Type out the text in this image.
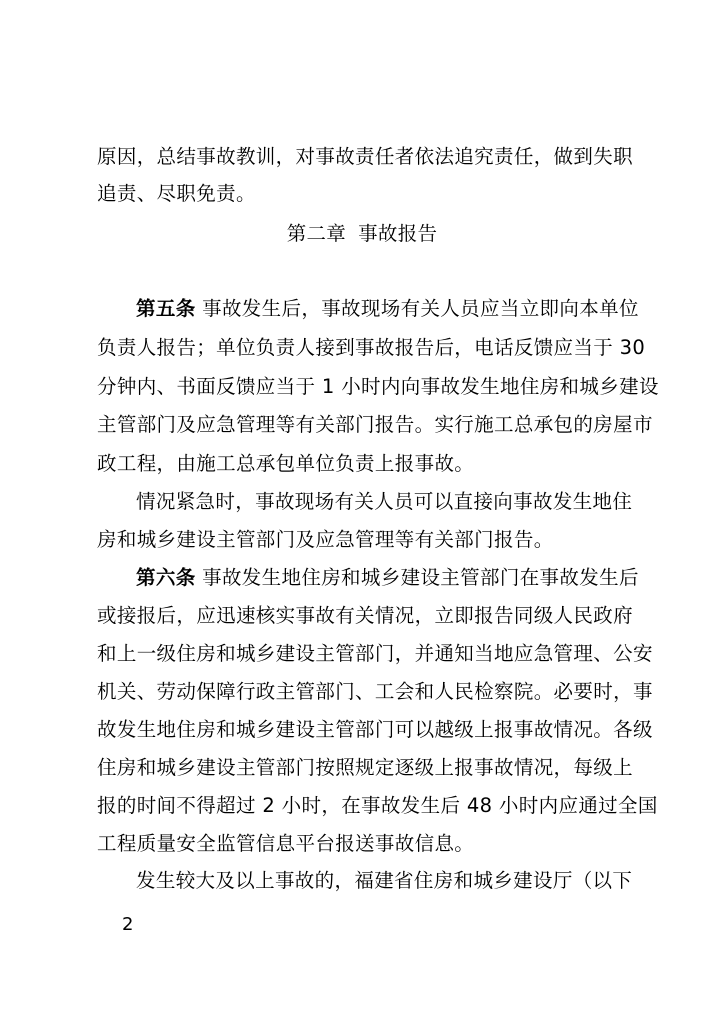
原因，总结事故教训，对事故责任者依法追究责任，做到失职
追责、尽职免责。
第二章 事故报告
第五条 事故发生后，事故现场有关人员应当立即向本单位
负责人报告；单位负责人接到事故报告后，电话反馈应当于 30
分钟内、书面反馈应当于 1 小时内向事故发生地住房和城乡建设
主管部门及应急管理等有关部门报告。实行施工总承包的房屋市
政工程，由施工总承包单位负责上报事故。
情况紧急时，事故现场有关人员可以直接向事故发生地住
房和城乡建设主管部门及应急管理等有关部门报告。
第六条 事故发生地住房和城乡建设主管部门在事故发生后
或接报后，应迅速核实事故有关情况，立即报告同级人民政府
和上一级住房和城乡建设主管部门，并通知当地应急管理、公安
机关、劳动保障行政主管部门、工会和人民检察院。必要时，事
故发生地住房和城乡建设主管部门可以越级上报事故情况。各级
住房和城乡建设主管部门按照规定逐级上报事故情况，每级上
报的时间不得超过 2 小时，在事故发生后 48 小时内应通过全国
工程质量安全监管信息平台报送事故信息。
发生较大及以上事故的，福建省住房和城乡建设厅（以下
2
